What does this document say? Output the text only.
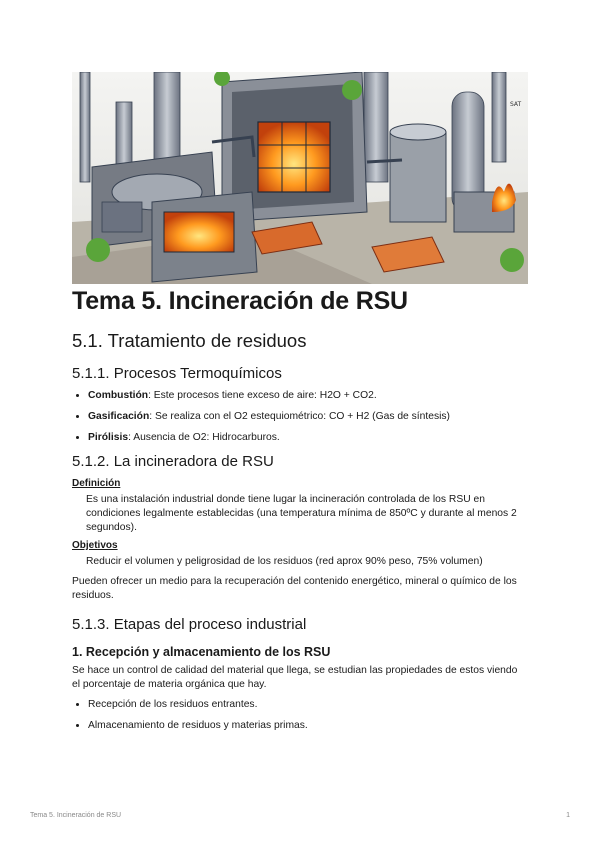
SAT
Tema 5. Incineración de RSU
5.1. Tratamiento de residuos
5.1.1. Procesos Termoquímicos
• Combustión: Este procesos tiene exceso de aire: H2O + CO2.
• Gasificación: Se realiza con el O2 estequiométrico: CO + H2 (Gas de síntesis)
• Pirólisis: Ausencia de O2: Hidrocarburos.
5.1.2. La incineradora de RSU
Definición

Es una instalación industrial donde tiene lugar la incineración controlada de los RSU en condiciones legalmente establecidas (una temperatura mínima de 850ºC y durante al menos 2 segundos).

Objetivos

Reducir el volumen y peligrosidad de los residuos (red aprox 90% peso, 75% volumen)

Pueden ofrecer un medio para la recuperación del contenido energético, mineral o químico de los residuos.

5.1.3. Etapas del proceso industrial
1. Recepción y almacenamiento de los RSU

Se hace un control de calidad del material que llega, se estudian las propiedades de estos viendo el porcentaje de materia orgánica que hay.

• Recepción de los residuos entrantes.
• Almacenamiento de residuos y materias primas.
Tema 5. Incineración de RSU	1
